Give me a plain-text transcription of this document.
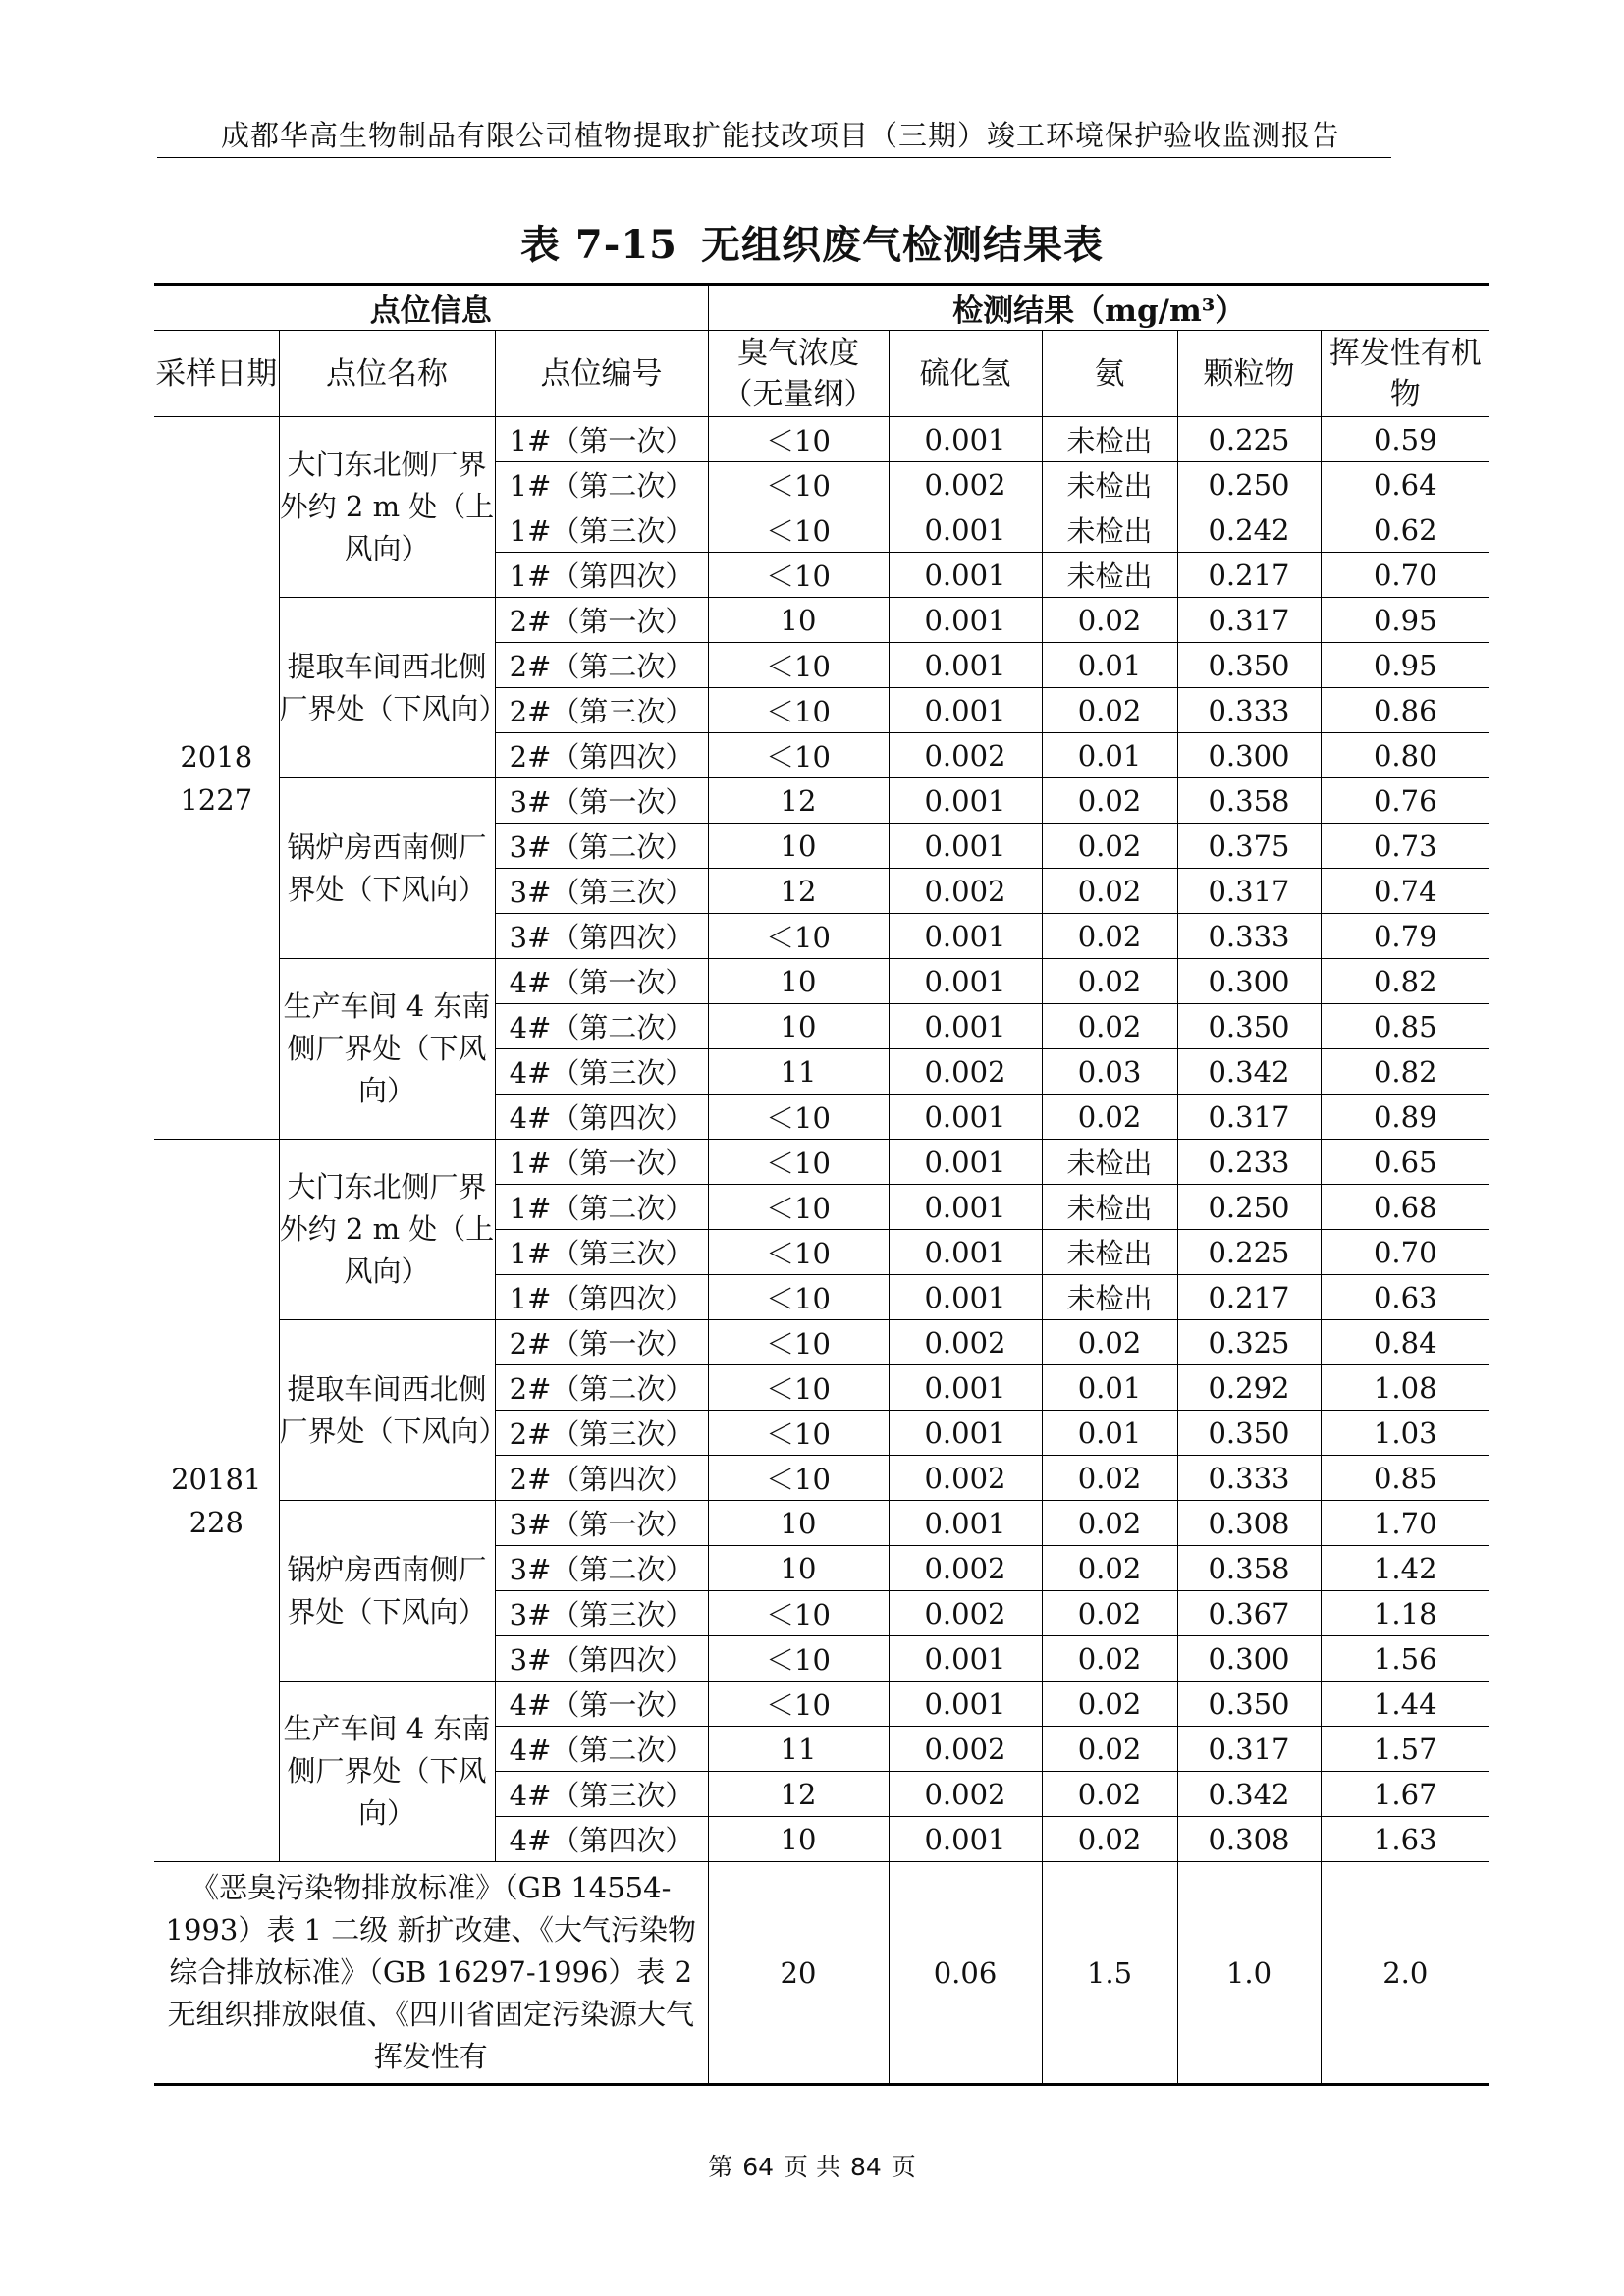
成都华高生物制品有限公司植物提取扩能技改项目（三期）竣工环境保护验收监测报告
表 7-15 无组织废气检测结果表
点位信息			检测结果（mg/m³）				
采样日期	点位名称	点位编号	臭气浓度（无量纲）	硫化氢	氨	颗粒物	挥发性有机物
2018 1227	大门东北侧厂界外约 2 m 处（上风向）	1#（第一次）	＜10	0.001	未检出	0.225	0.59
		1#（第二次）	＜10	0.002	未检出	0.250	0.64
		1#（第三次）	＜10	0.001	未检出	0.242	0.62
		1#（第四次）	＜10	0.001	未检出	0.217	0.70
	提取车间西北侧厂界处（下风向）	2#（第一次）	10	0.001	0.02	0.317	0.95
		2#（第二次）	＜10	0.001	0.01	0.350	0.95
		2#（第三次）	＜10	0.001	0.02	0.333	0.86
		2#（第四次）	＜10	0.002	0.01	0.300	0.80
	锅炉房西南侧厂界处（下风向）	3#（第一次）	12	0.001	0.02	0.358	0.76
		3#（第二次）	10	0.001	0.02	0.375	0.73
		3#（第三次）	12	0.002	0.02	0.317	0.74
		3#（第四次）	＜10	0.001	0.02	0.333	0.79
	生产车间 4 东南侧厂界处（下风向）	4#（第一次）	10	0.001	0.02	0.300	0.82
		4#（第二次）	10	0.001	0.02	0.350	0.85
		4#（第三次）	11	0.002	0.03	0.342	0.82
		4#（第四次）	＜10	0.001	0.02	0.317	0.89
20181 228	大门东北侧厂界外约 2 m 处（上风向）	1#（第一次）	＜10	0.001	未检出	0.233	0.65
		1#（第二次）	＜10	0.001	未检出	0.250	0.68
		1#（第三次）	＜10	0.001	未检出	0.225	0.70
		1#（第四次）	＜10	0.001	未检出	0.217	0.63
	提取车间西北侧厂界处（下风向）	2#（第一次）	＜10	0.002	0.02	0.325	0.84
		2#（第二次）	＜10	0.001	0.01	0.292	1.08
		2#（第三次）	＜10	0.001	0.01	0.350	1.03
		2#（第四次）	＜10	0.002	0.02	0.333	0.85
	锅炉房西南侧厂界处（下风向）	3#（第一次）	10	0.001	0.02	0.308	1.70
		3#（第二次）	10	0.002	0.02	0.358	1.42
		3#（第三次）	＜10	0.002	0.02	0.367	1.18
		3#（第四次）	＜10	0.001	0.02	0.300	1.56
	生产车间 4 东南侧厂界处（下风向）	4#（第一次）	＜10	0.001	0.02	0.350	1.44
		4#（第二次）	11	0.002	0.02	0.317	1.57
		4#（第三次）	12	0.002	0.02	0.342	1.67
		4#（第四次）	10	0.001	0.02	0.308	1.63
《恶臭污染物排放标准》（GB 14554-1993）表 1 二级 新扩改建、《大气污染物综合排放标准》（GB 16297-1996）表 2 无组织排放限值、《四川省固定污染源大气挥发性有			20	0.06	1.5	1.0	2.0
第 64 页 共 84 页
